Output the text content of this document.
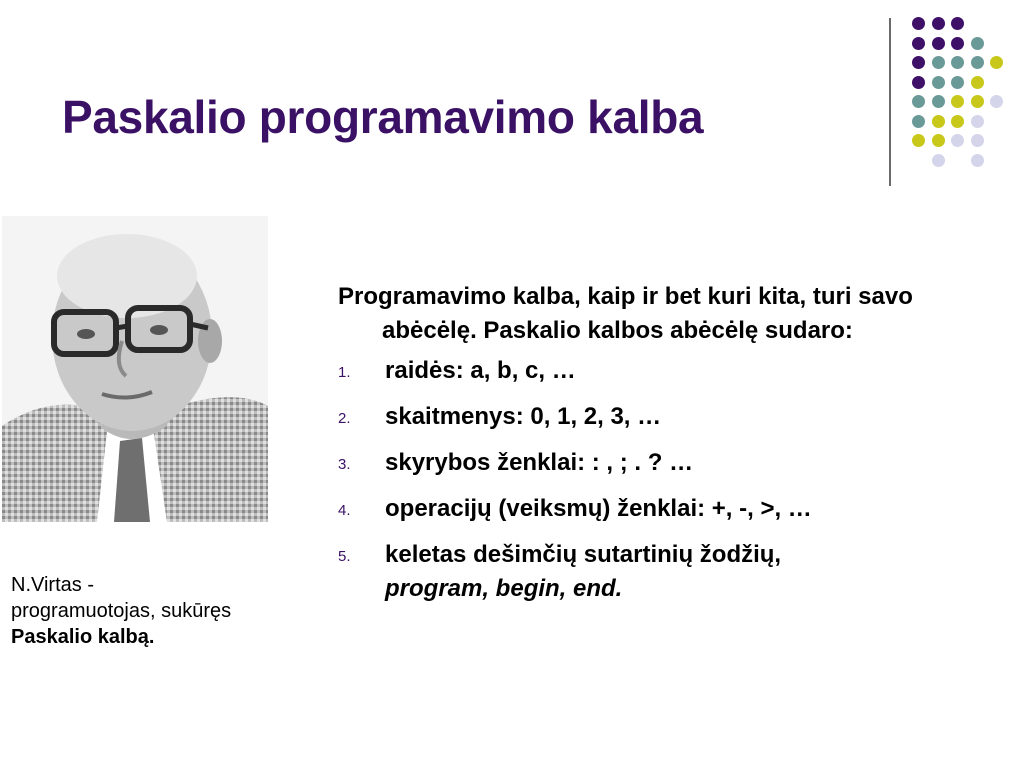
Paskalio programavimo kalba
N.Virtas - programuotojas, sukūręs Paskalio kalbą.

Programavimo kalba, kaip ir bet kuri kita, turi savo abėcėlę. Paskalio kalbos abėcėlę sudaro:

1. raidės: a, b, c, …
2. skaitmenys: 0, 1, 2, 3, …
3. skyrybos ženklai: : , ; . ? …
4. operacijų (veiksmų) ženklai: +, -, >, …
5. keletas dešimčių sutartinių žodžių,
program, begin, end.
